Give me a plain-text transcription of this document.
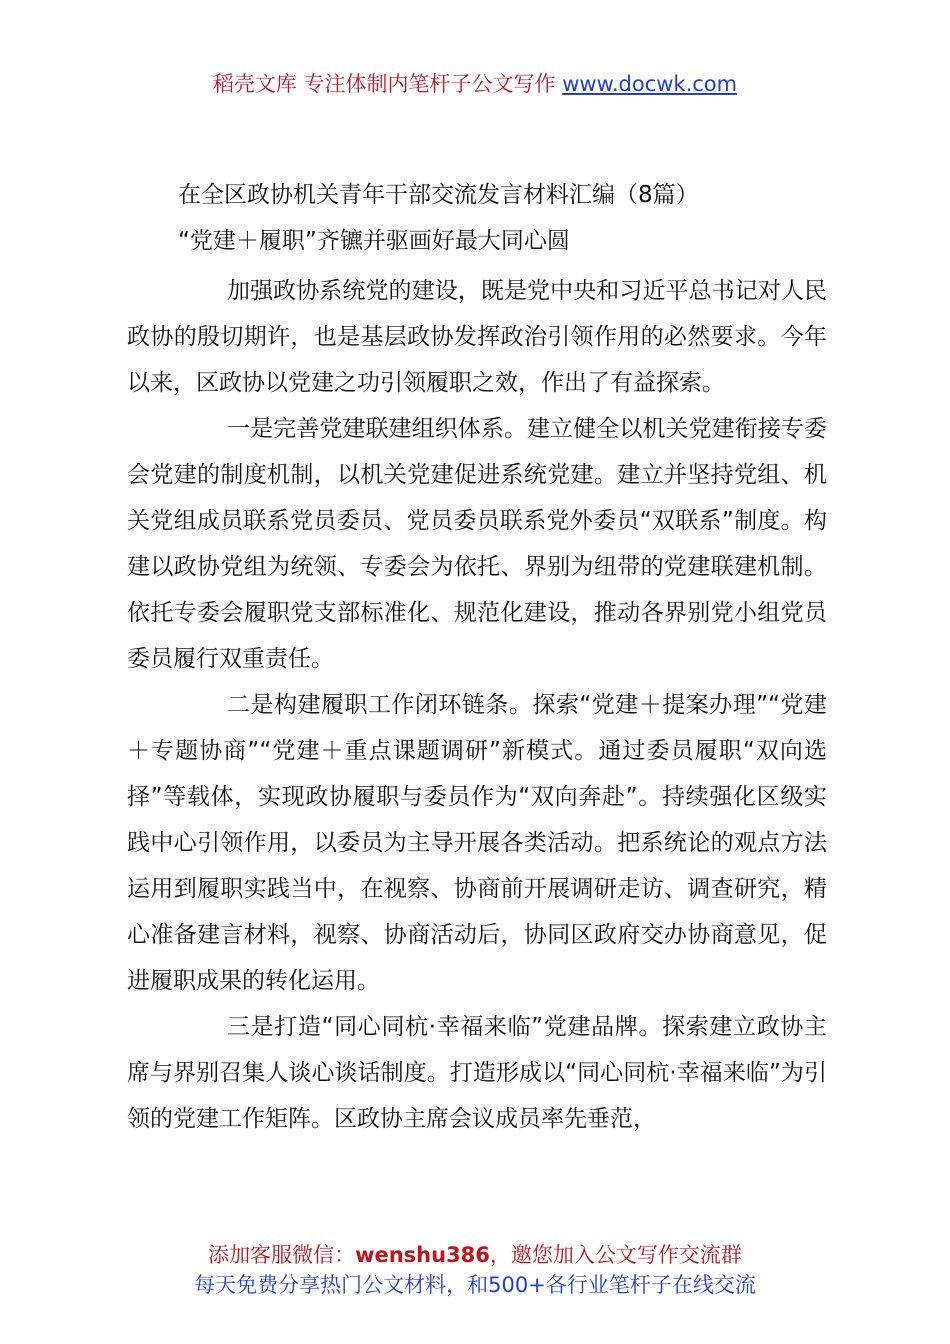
稻壳文库 专注体制内笔杆子公文写作 www.docwk.com
在全区政协机关青年干部交流发言材料汇编（8篇）
“党建＋履职”齐镳并驱画好最大同心圆

加强政协系统党的建设，既是党中央和习近平总书记对人民政协的殷切期许，也是基层政协发挥政治引领作用的必然要求。今年以来，区政协以党建之功引领履职之效，作出了有益探索。

一是完善党建联建组织体系。建立健全以机关党建衔接专委会党建的制度机制，以机关党建促进系统党建。建立并坚持党组、机关党组成员联系党员委员、党员委员联系党外委员“双联系”制度。构建以政协党组为统领、专委会为依托、界别为纽带的党建联建机制。依托专委会履职党支部标准化、规范化建设，推动各界别党小组党员委员履行双重责任。

二是构建履职工作闭环链条。探索“党建＋提案办理”“党建＋专题协商”“党建＋重点课题调研”新模式。通过委员履职“双向选择”等载体，实现政协履职与委员作为“双向奔赴”。持续强化区级实践中心引领作用，以委员为主导开展各类活动。把系统论的观点方法运用到履职实践当中，在视察、协商前开展调研走访、调查研究，精心准备建言材料，视察、协商活动后，协同区政府交办协商意见，促进履职成果的转化运用。

三是打造“同心同杭·幸福来临”党建品牌。探索建立政协主席与界别召集人谈心谈话制度。打造形成以“同心同杭·幸福来临”为引领的党建工作矩阵。区政协主席会议成员率先垂范，

添加客服微信：wenshu386，邀您加入公文写作交流群
每天免费分享热门公文材料，和500+各行业笔杆子在线交流
